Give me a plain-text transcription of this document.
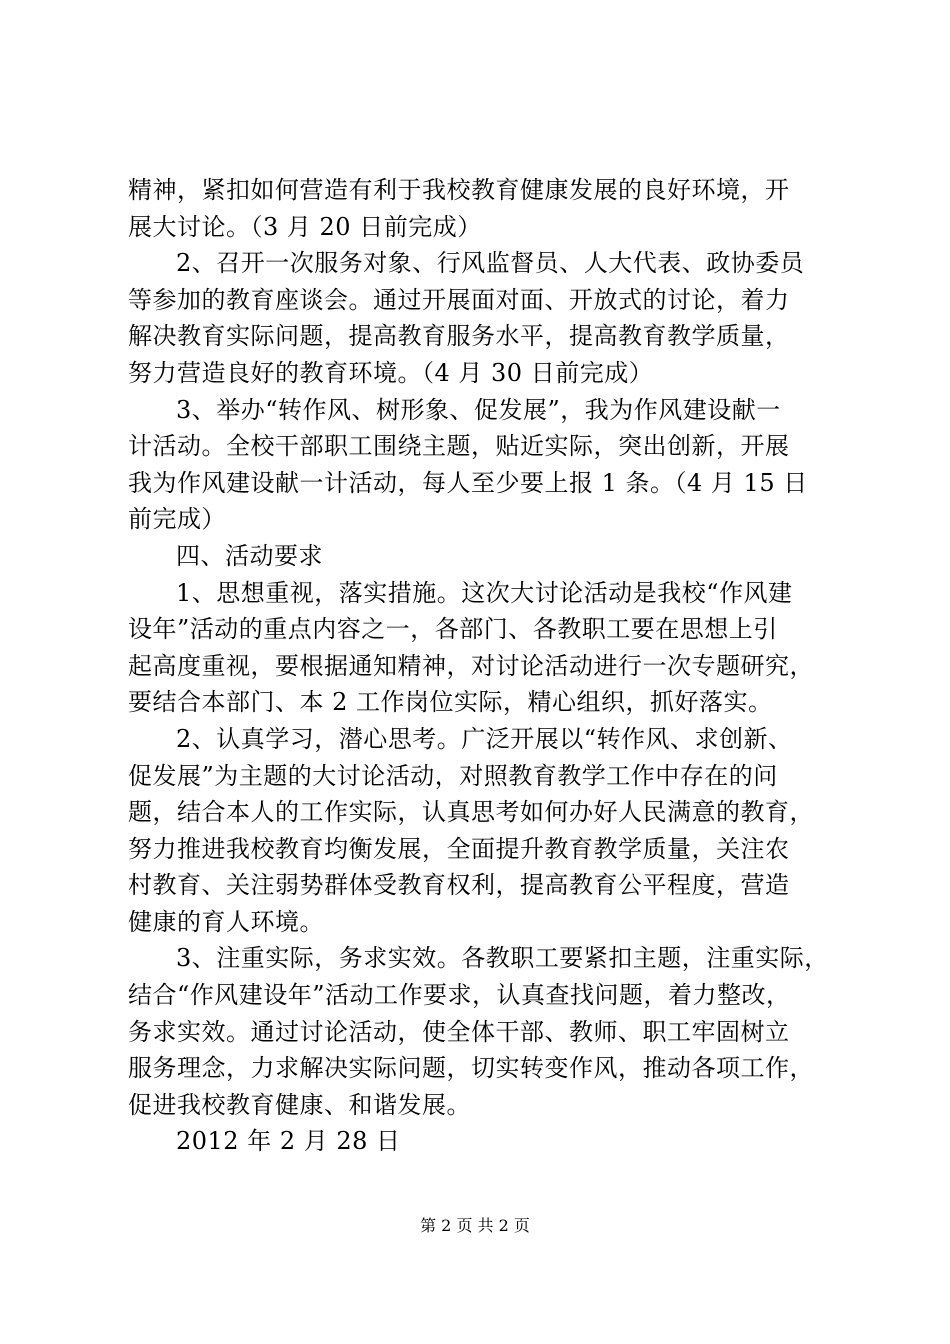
精神，紧扣如何营造有利于我校教育健康发展的良好环境，开
展大讨论。（3 月 20 日前完成）
2、召开一次服务对象、行风监督员、人大代表、政协委员
等参加的教育座谈会。通过开展面对面、开放式的讨论，着力
解决教育实际问题，提高教育服务水平，提高教育教学质量，
努力营造良好的教育环境。（4 月 30 日前完成）
3、举办“转作风、树形象、促发展”，我为作风建设献一
计活动。全校干部职工围绕主题，贴近实际，突出创新，开展
我为作风建设献一计活动，每人至少要上报 1 条。（4 月 15 日
前完成）
四、活动要求
1、思想重视，落实措施。这次大讨论活动是我校“作风建
设年”活动的重点内容之一，各部门、各教职工要在思想上引
起高度重视，要根据通知精神，对讨论活动进行一次专题研究，
要结合本部门、本 2 工作岗位实际，精心组织，抓好落实。
2、认真学习，潜心思考。广泛开展以“转作风、求创新、
促发展”为主题的大讨论活动，对照教育教学工作中存在的问
题，结合本人的工作实际，认真思考如何办好人民满意的教育，
努力推进我校教育均衡发展，全面提升教育教学质量，关注农
村教育、关注弱势群体受教育权利，提高教育公平程度，营造
健康的育人环境。
3、注重实际，务求实效。各教职工要紧扣主题，注重实际，
结合“作风建设年”活动工作要求，认真查找问题，着力整改，
务求实效。通过讨论活动，使全体干部、教师、职工牢固树立
服务理念，力求解决实际问题，切实转变作风，推动各项工作，
促进我校教育健康、和谐发展。
2012 年 2 月 28 日
第 2 页 共 2 页
